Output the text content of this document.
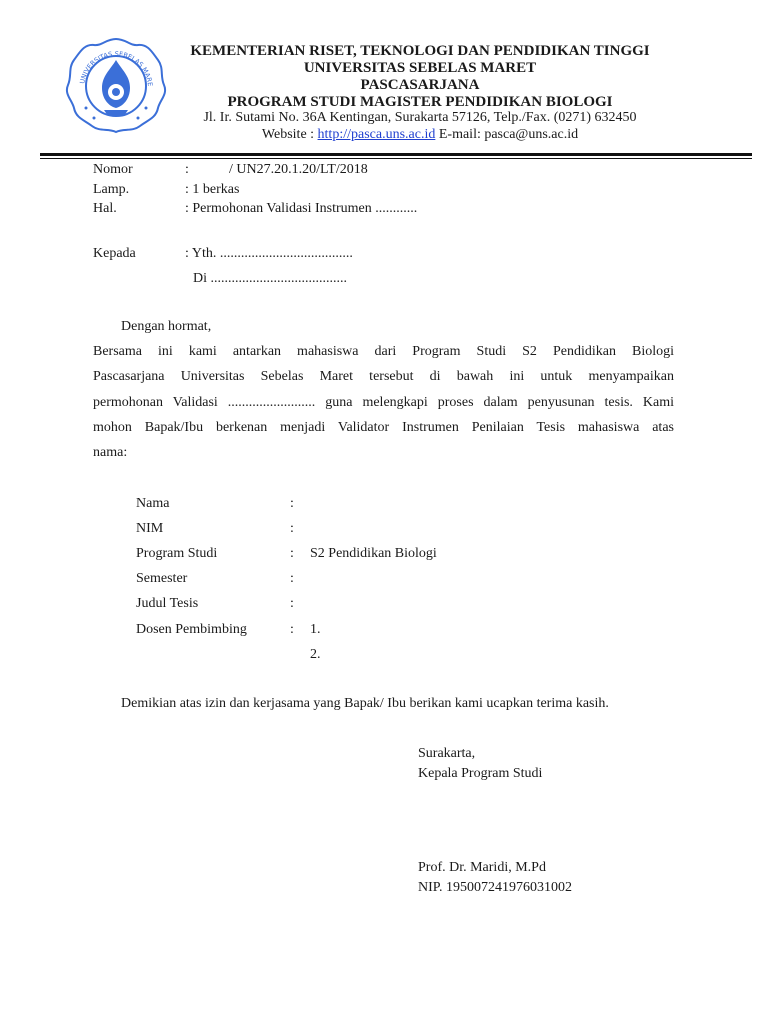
UNIVERSITAS SEBELAS MARE
KEMENTERIAN RISET, TEKNOLOGI DAN PENDIDIKAN TINGGI
UNIVERSITAS SEBELAS MARET
PASCASARJANA
PROGRAM STUDI MAGISTER PENDIDIKAN BIOLOGI
Jl. Ir. Sutami No. 36A Kentingan, Surakarta 57126, Telp./Fax. (0271) 632450
Website : http://pasca.uns.ac.id E-mail: pasca@uns.ac.id
Nomor	:	/ UN27.20.1.20/LT/2018
Lamp.	: 1 berkas
Hal.	: Permohonan Validasi Instrumen ............
Kepada	: Yth. ......................................
Di .......................................
Dengan hormat,
Bersama ini kami antarkan mahasiswa dari Program Studi S2 Pendidikan Biologi
Pascasarjana Universitas Sebelas Maret tersebut di bawah ini untuk menyampaikan
permohonan Validasi ......................... guna melengkapi proses dalam penyusunan tesis. Kami
mohon Bapak/Ibu berkenan menjadi Validator Instrumen Penilaian Tesis mahasiswa atas
nama:
Nama	:
NIM	:
Program Studi	: S2 Pendidikan Biologi
Semester	:
Judul Tesis	:
Dosen Pembimbing	: 1.
2.
Demikian atas izin dan kerjasama yang Bapak/ Ibu berikan kami ucapkan terima kasih.
Surakarta,
Kepala Program Studi
Prof. Dr. Maridi, M.Pd
NIP. 195007241976031002
